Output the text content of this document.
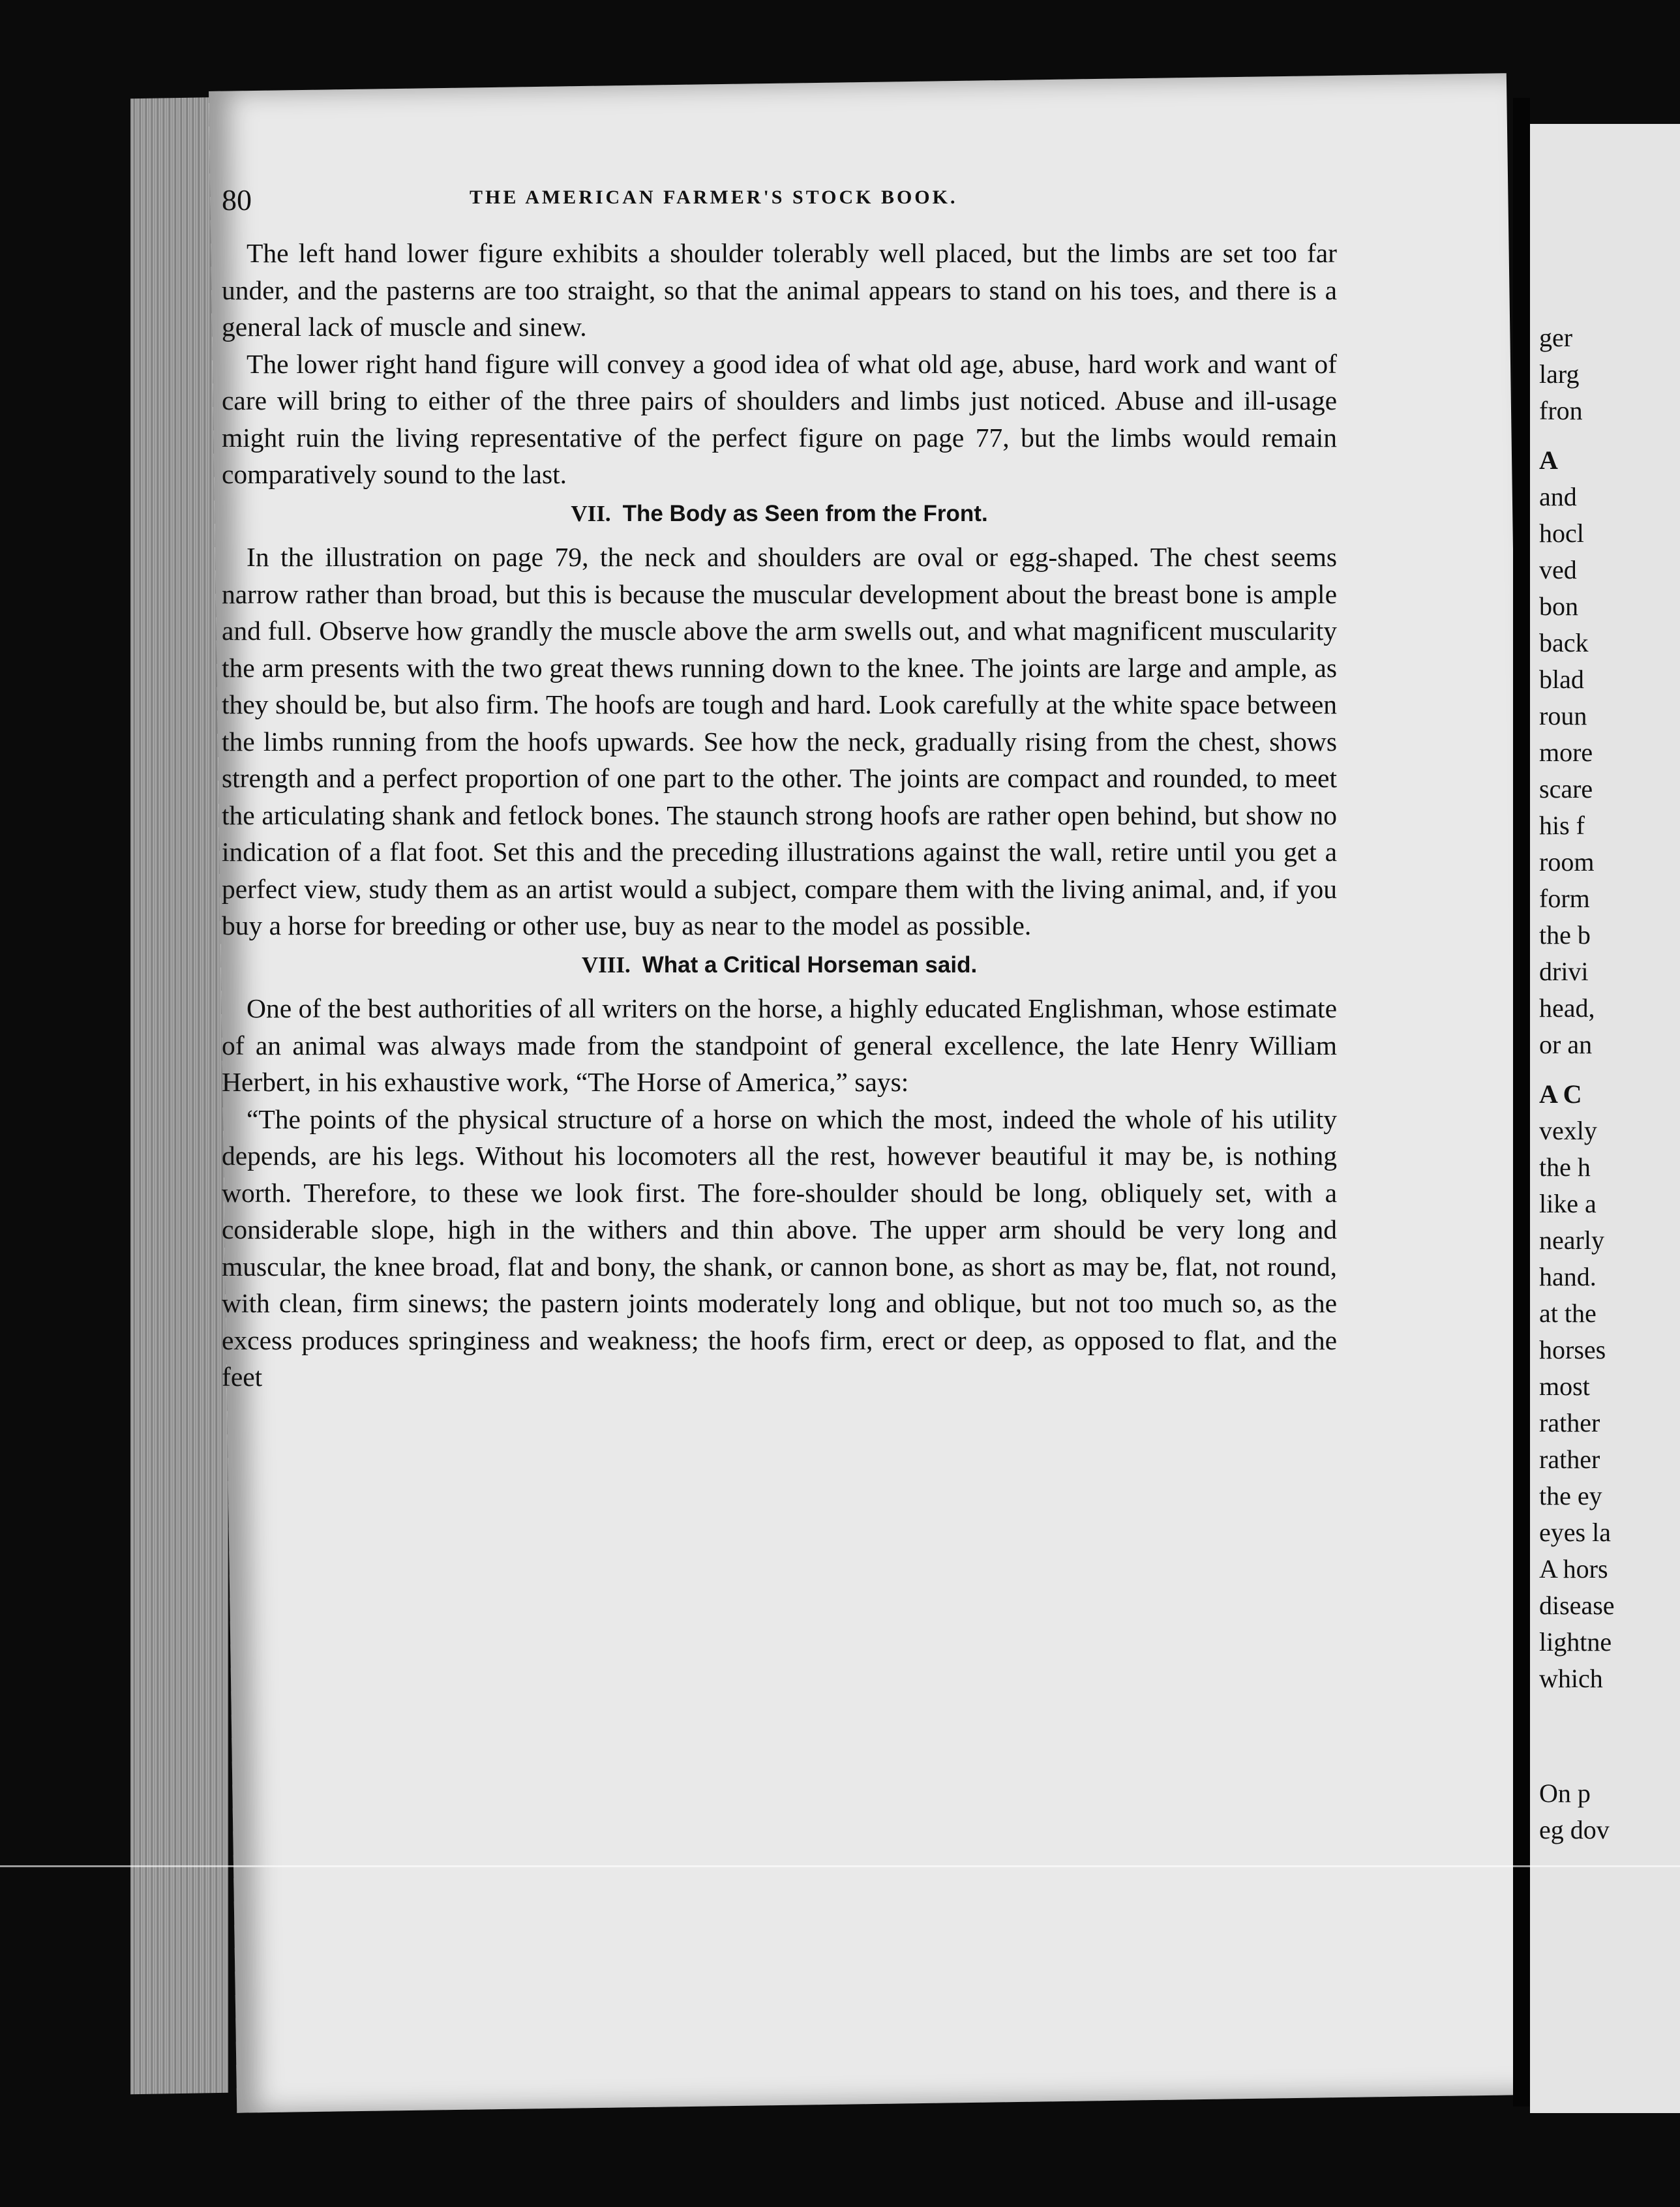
ger
larg
fron
A
and
hocl
ved
bon
back
blad
roun
more
scare
his f
room
form
the b
drivi
head,
or an
A C
vexly
the h
like a
nearly
hand.
at the
horses
most
rather
rather
the ey
eyes la
A hors
disease
lightne
which
On p
eg dov
80	THE AMERICAN FARMER'S STOCK BOOK.

The left hand lower figure exhibits a shoulder tolerably well placed, but the limbs are set too far under, and the pasterns are too straight, so that the animal appears to stand on his toes, and there is a general lack of muscle and sinew.

The lower right hand figure will convey a good idea of what old age, abuse, hard work and want of care will bring to either of the three pairs of shoulders and limbs just noticed. Abuse and ill-usage might ruin the living representative of the perfect figure on page 77, but the limbs would remain comparatively sound to the last.

VII. The Body as Seen from the Front.

In the illustration on page 79, the neck and shoulders are oval or egg-shaped. The chest seems narrow rather than broad, but this is because the muscular development about the breast bone is ample and full. Observe how grandly the muscle above the arm swells out, and what magnificent muscularity the arm presents with the two great thews running down to the knee. The joints are large and ample, as they should be, but also firm. The hoofs are tough and hard. Look carefully at the white space between the limbs running from the hoofs upwards. See how the neck, gradually rising from the chest, shows strength and a perfect proportion of one part to the other. The joints are compact and rounded, to meet the articulating shank and fetlock bones. The staunch strong hoofs are rather open behind, but show no indication of a flat foot. Set this and the preceding illustrations against the wall, retire until you get a perfect view, study them as an artist would a subject, compare them with the living animal, and, if you buy a horse for breeding or other use, buy as near to the model as possible.

VIII. What a Critical Horseman said.

One of the best authorities of all writers on the horse, a highly educated Englishman, whose estimate of an animal was always made from the standpoint of general excellence, the late Henry William Herbert, in his exhaustive work, “The Horse of America,” says:

“The points of the physical structure of a horse on which the most, indeed the whole of his utility depends, are his legs. Without his locomoters all the rest, however beautiful it may be, is nothing worth. Therefore, to these we look first. The fore-shoulder should be long, obliquely set, with a considerable slope, high in the withers and thin above. The upper arm should be very long and muscular, the knee broad, flat and bony, the shank, or cannon bone, as short as may be, flat, not round, with clean, firm sinews; the pastern joints moderately long and oblique, but not too much so, as the excess produces springiness and weakness; the hoofs firm, erect or deep, as opposed to flat, and the feet
